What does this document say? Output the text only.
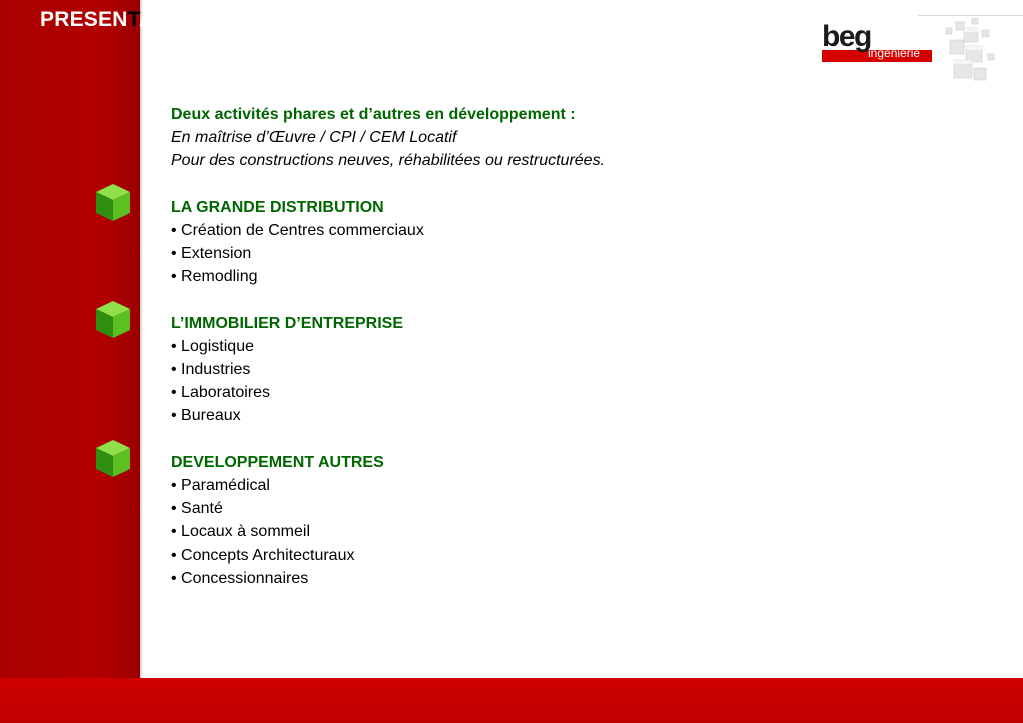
PRESENTATION DE LA SOCIETE - ACTIVITES
beg
ingénierie
Deux activités phares et d’autres en développement :
En maîtrise d’Œuvre / CPI / CEM Locatif
Pour des constructions neuves, réhabilitées ou restructurées.
LA GRANDE DISTRIBUTION
• Création de Centres commerciaux
• Extension
• Remodling
L’IMMOBILIER D’ENTREPRISE
• Logistique
• Industries
• Laboratoires
• Bureaux
DEVELOPPEMENT AUTRES
• Paramédical
• Santé
• Locaux à sommeil
• Concepts Architecturaux
• Concessionnaires
